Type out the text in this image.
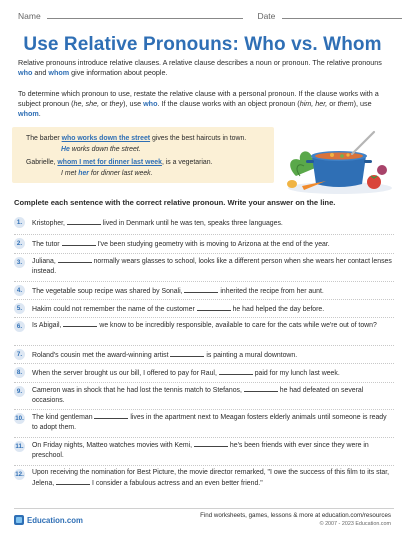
Name	Date
Use Relative Pronouns: Who vs. Whom
Relative pronouns introduce relative clauses. A relative clause describes a noun or pronoun. The relative pronouns who and whom give information about people.
To determine which pronoun to use, restate the relative clause with a personal pronoun. If the clause works with a subject pronoun (he, she, or they), use who. If the clause works with an object pronoun (him, her, or them), use whom.
The barber who works down the street gives the best haircuts in town.
He works down the street.
Gabrielle, whom I met for dinner last week, is a vegetarian.
I met her for dinner last week.
Complete each sentence with the correct relative pronoun. Write your answer on the line.
1.	Kristopher,	lived in Denmark until he was ten, speaks three languages.
2.	The tutor	I've been studying geometry with is moving to Arizona at the end of the year.
3.	Juliana,	normally wears glasses to school, looks like a different person when she wears her contact lenses instead.
4.	The vegetable soup recipe was shared by Sonali,	inherited the recipe from her aunt.
5.	Hakim could not remember the name of the customer	he had helped the day before.
6.	Is Abigail,	we know to be incredibly responsible, available to care for the cats while we're out of town?
7.	Roland's cousin met the award-winning artist	is painting a mural downtown.
8.	When the server brought us our bill, I offered to pay for Raul,	paid for my lunch last week.
9.	Cameron was in shock that he had lost the tennis match to Stefanos,	he had defeated on several occasions.
10. The kind gentleman	lives in the apartment next to Meagan fosters elderly animals until someone is ready to adopt them.
11. On Friday nights, Matteo watches movies with Kemi,	he's been friends with ever since they were in preschool.
12. Upon receiving the nomination for Best Picture, the movie director remarked, "I owe the success of this film to its star, Jelena,	I consider a fabulous actress and an even better friend."
Education.com	Find worksheets, games, lessons & more at education.com/resources
© 2007 - 2023 Education.com
